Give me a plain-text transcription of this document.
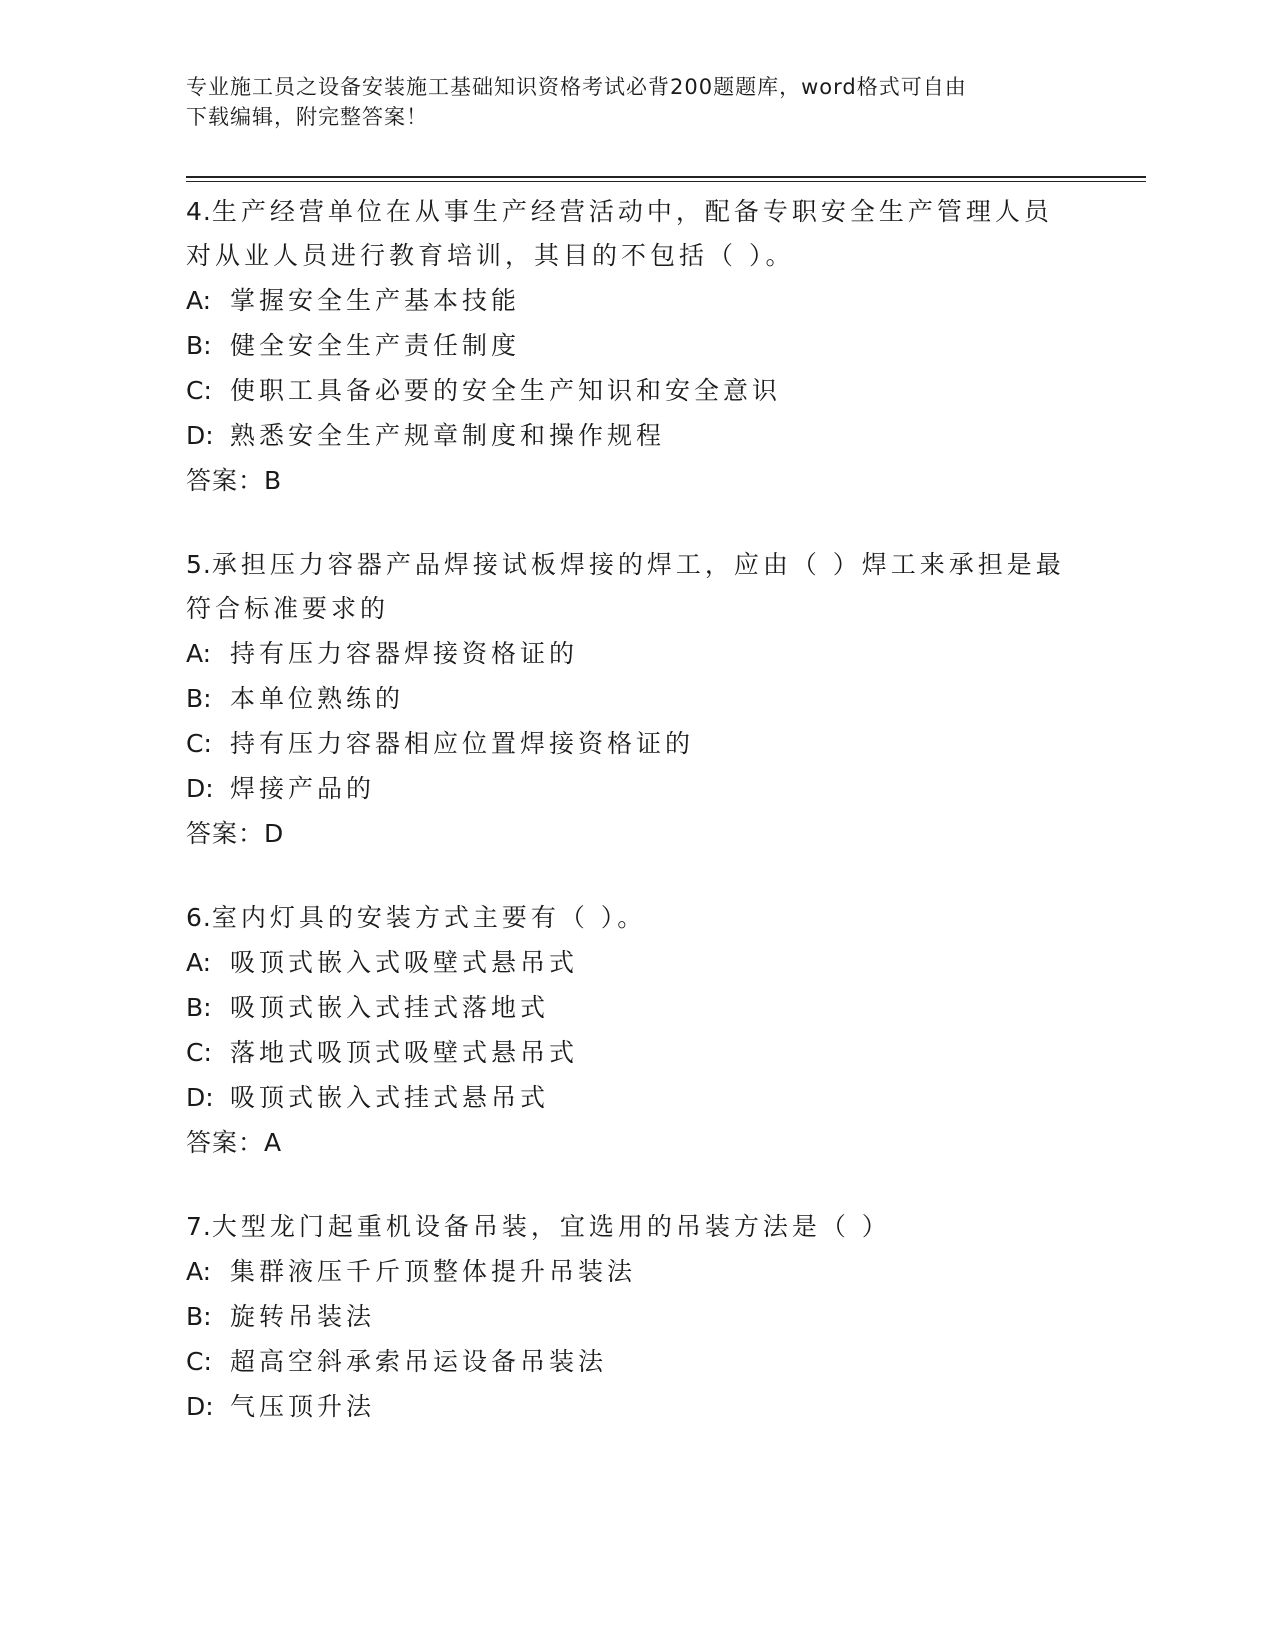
专业施工员之设备安装施工基础知识资格考试必背200题题库，word格式可自由
下载编辑，附完整答案！

4.生产经营单位在从事生产经营活动中，配备专职安全生产管理人员

对从业人员进行教育培训，其目的不包括（ ）。

A: 掌握安全生产基本技能

B: 健全安全生产责任制度

C: 使职工具备必要的安全生产知识和安全意识

D: 熟悉安全生产规章制度和操作规程

答案：B

5.承担压力容器产品焊接试板焊接的焊工，应由（ ）焊工来承担是最

符合标准要求的

A: 持有压力容器焊接资格证的

B: 本单位熟练的

C: 持有压力容器相应位置焊接资格证的

D: 焊接产品的

答案：D

6.室内灯具的安装方式主要有（ ）。

A: 吸顶式嵌入式吸壁式悬吊式

B: 吸顶式嵌入式挂式落地式

C: 落地式吸顶式吸壁式悬吊式

D: 吸顶式嵌入式挂式悬吊式

答案：A

7.大型龙门起重机设备吊装，宜选用的吊装方法是（ ）

A: 集群液压千斤顶整体提升吊装法

B: 旋转吊装法

C: 超高空斜承索吊运设备吊装法

D: 气压顶升法
